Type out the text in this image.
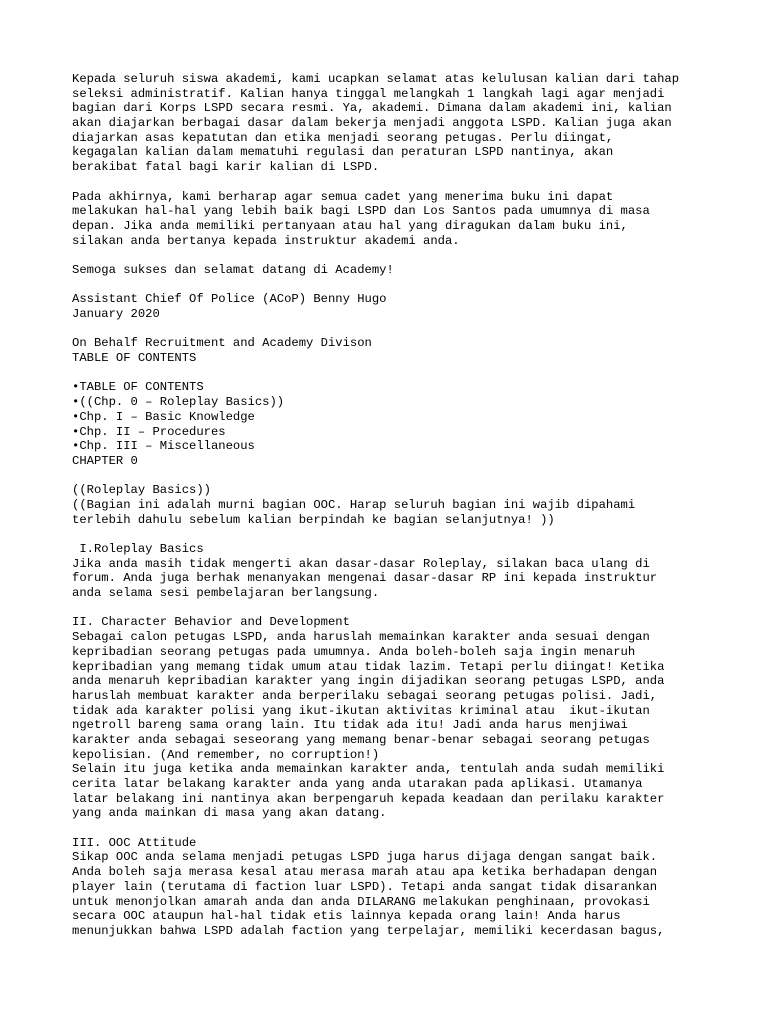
Kepada seluruh siswa akademi, kami ucapkan selamat atas kelulusan kalian dari tahap
seleksi administratif. Kalian hanya tinggal melangkah 1 langkah lagi agar menjadi
bagian dari Korps LSPD secara resmi. Ya, akademi. Dimana dalam akademi ini, kalian
akan diajarkan berbagai dasar dalam bekerja menjadi anggota LSPD. Kalian juga akan
diajarkan asas kepatutan dan etika menjadi seorang petugas. Perlu diingat,
kegagalan kalian dalam mematuhi regulasi dan peraturan LSPD nantinya, akan
berakibat fatal bagi karir kalian di LSPD.
Pada akhirnya, kami berharap agar semua cadet yang menerima buku ini dapat
melakukan hal-hal yang lebih baik bagi LSPD dan Los Santos pada umumnya di masa
depan. Jika anda memiliki pertanyaan atau hal yang diragukan dalam buku ini,
silakan anda bertanya kepada instruktur akademi anda.
Semoga sukses dan selamat datang di Academy!
Assistant Chief Of Police (ACoP) Benny Hugo
January 2020
On Behalf Recruitment and Academy Divison
TABLE OF CONTENTS
•TABLE OF CONTENTS
•((Chp. 0 – Roleplay Basics))
•Chp. I – Basic Knowledge
•Chp. II – Procedures
•Chp. III – Miscellaneous
CHAPTER 0
((Roleplay Basics))
((Bagian ini adalah murni bagian OOC. Harap seluruh bagian ini wajib dipahami
terlebih dahulu sebelum kalian berpindah ke bagian selanjutnya! ))
I.Roleplay Basics
Jika anda masih tidak mengerti akan dasar-dasar Roleplay, silakan baca ulang di
forum. Anda juga berhak menanyakan mengenai dasar-dasar RP ini kepada instruktur
anda selama sesi pembelajaran berlangsung.
II. Character Behavior and Development
Sebagai calon petugas LSPD, anda haruslah memainkan karakter anda sesuai dengan
kepribadian seorang petugas pada umumnya. Anda boleh-boleh saja ingin menaruh
kepribadian yang memang tidak umum atau tidak lazim. Tetapi perlu diingat! Ketika
anda menaruh kepribadian karakter yang ingin dijadikan seorang petugas LSPD, anda
haruslah membuat karakter anda berperilaku sebagai seorang petugas polisi. Jadi,
tidak ada karakter polisi yang ikut-ikutan aktivitas kriminal atau  ikut-ikutan
ngetroll bareng sama orang lain. Itu tidak ada itu! Jadi anda harus menjiwai
karakter anda sebagai seseorang yang memang benar-benar sebagai seorang petugas
kepolisian. (And remember, no corruption!)
Selain itu juga ketika anda memainkan karakter anda, tentulah anda sudah memiliki
cerita latar belakang karakter anda yang anda utarakan pada aplikasi. Utamanya
latar belakang ini nantinya akan berpengaruh kepada keadaan dan perilaku karakter
yang anda mainkan di masa yang akan datang.
III. OOC Attitude
Sikap OOC anda selama menjadi petugas LSPD juga harus dijaga dengan sangat baik.
Anda boleh saja merasa kesal atau merasa marah atau apa ketika berhadapan dengan
player lain (terutama di faction luar LSPD). Tetapi anda sangat tidak disarankan
untuk menonjolkan amarah anda dan anda DILARANG melakukan penghinaan, provokasi
secara OOC ataupun hal-hal tidak etis lainnya kepada orang lain! Anda harus
menunjukkan bahwa LSPD adalah faction yang terpelajar, memiliki kecerdasan bagus,
